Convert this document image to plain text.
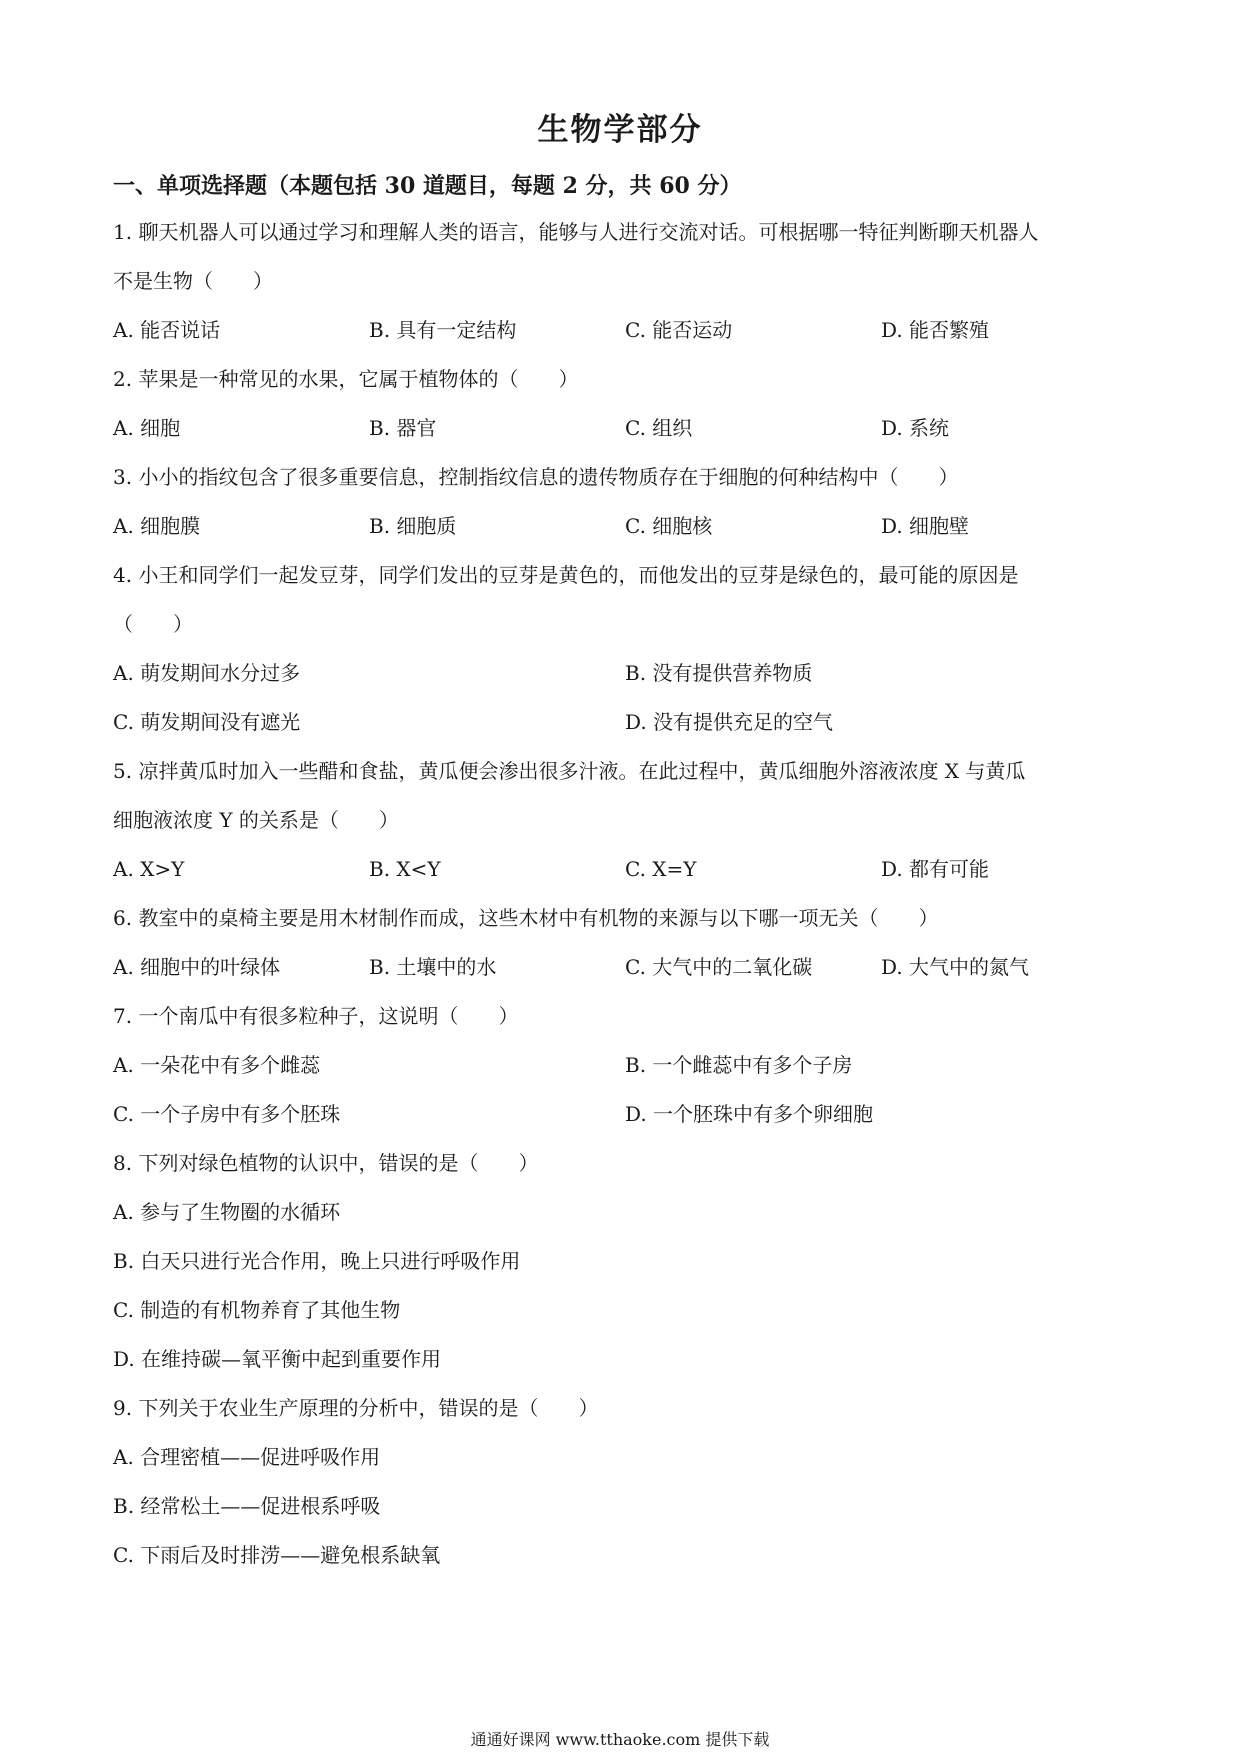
生物学部分
一、单项选择题（本题包括 30 道题目，每题 2 分，共 60 分）
1. 聊天机器人可以通过学习和理解人类的语言，能够与人进行交流对话。可根据哪一特征判断聊天机器人
不是生物（　　）
A. 能否说话	B. 具有一定结构	C. 能否运动	D. 能否繁殖
2. 苹果是一种常见的水果，它属于植物体的（　　）
A. 细胞	B. 器官	C. 组织	D. 系统
3. 小小的指纹包含了很多重要信息，控制指纹信息的遗传物质存在于细胞的何种结构中（　　）
A. 细胞膜	B. 细胞质	C. 细胞核	D. 细胞壁
4. 小王和同学们一起发豆芽，同学们发出的豆芽是黄色的，而他发出的豆芽是绿色的，最可能的原因是
（　　）
A. 萌发期间水分过多	B. 没有提供营养物质
C. 萌发期间没有遮光	D. 没有提供充足的空气
5. 凉拌黄瓜时加入一些醋和食盐，黄瓜便会渗出很多汁液。在此过程中，黄瓜细胞外溶液浓度 X 与黄瓜
细胞液浓度 Y 的关系是（　　）
A. X>Y	B. X<Y	C. X=Y	D. 都有可能
6. 教室中的桌椅主要是用木材制作而成，这些木材中有机物的来源与以下哪一项无关（　　）
A. 细胞中的叶绿体	B. 土壤中的水	C. 大气中的二氧化碳	D. 大气中的氮气
7. 一个南瓜中有很多粒种子，这说明（　　）
A. 一朵花中有多个雌蕊	B. 一个雌蕊中有多个子房
C. 一个子房中有多个胚珠	D. 一个胚珠中有多个卵细胞
8. 下列对绿色植物的认识中，错误的是（　　）
A. 参与了生物圈的水循环
B. 白天只进行光合作用，晚上只进行呼吸作用
C. 制造的有机物养育了其他生物
D. 在维持碳—氧平衡中起到重要作用
9. 下列关于农业生产原理的分析中，错误的是（　　）
A. 合理密植——促进呼吸作用
B. 经常松土——促进根系呼吸
C. 下雨后及时排涝——避免根系缺氧
通通好课网 www.tthaoke.com 提供下载
